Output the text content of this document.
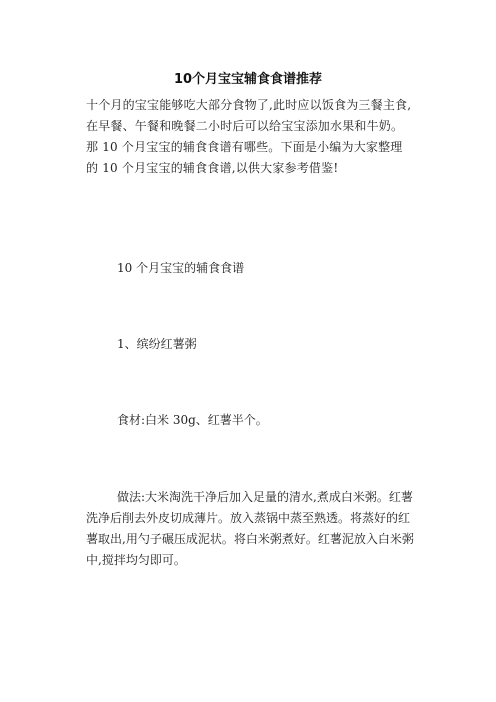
10个月宝宝辅食食谱推荐
十个月的宝宝能够吃大部分食物了,此时应以饭食为三餐主食,在早餐、午餐和晚餐二小时后可以给宝宝添加水果和牛奶。那 10 个月宝宝的辅食食谱有哪些。下面是小编为大家整理的 10 个月宝宝的辅食食谱,以供大家参考借鉴!
10 个月宝宝的辅食食谱
1、缤纷红薯粥
食材:白米 30g、红薯半个。
做法:大米淘洗干净后加入足量的清水,煮成白米粥。红薯洗净后削去外皮切成薄片。放入蒸锅中蒸至熟透。将蒸好的红薯取出,用勺子碾压成泥状。将白米粥煮好。红薯泥放入白米粥中,搅拌均匀即可。
